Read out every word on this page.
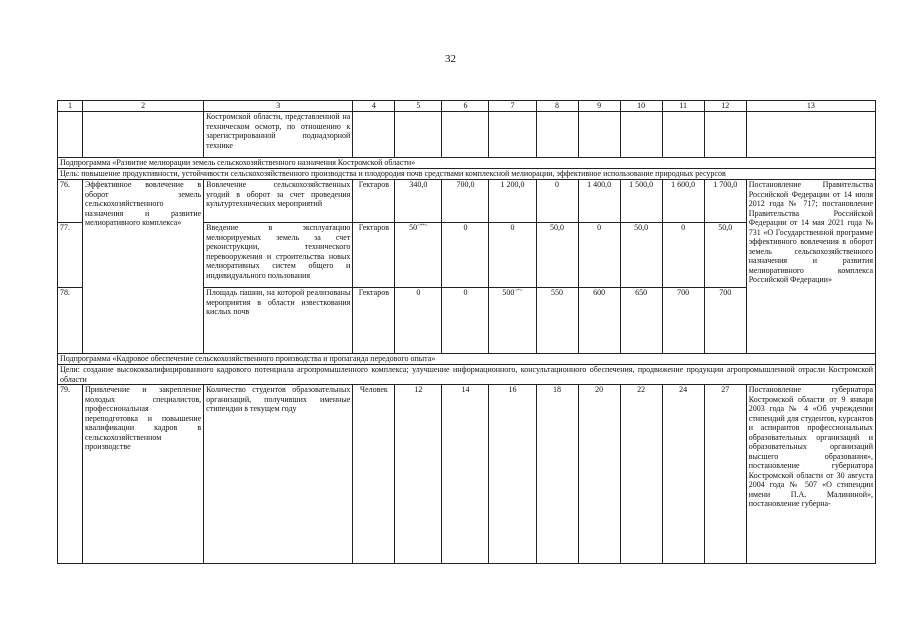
32
1	2	3	4	5	6	7	8	9	10	11	12	13
		Костромской области, представленной на техническом осмотр, по отношению к зарегистрированной поднадзорной технике										
Подпрограмма «Развитие мелиорации земель сельскохозяйственного назначения Костромской области»												
Цель: повышение продуктивности, устойчивости сельскохозяйственного производства и плодородия почв средствами комплексной мелиорации, эффективное использование природных ресурсов												
76.	Эффективное вовлечение в оборот земель сельскохозяйственного назначения и развитие мелиоративного комплекса»	Вовлечение сельскохозяйственных угодий в оборот за счет проведения культуртехнических мероприятий	Гектаров	340,0	700,0	1 200,0	0	1 400,0	1 500,0	1 600,0	1 700,0	Постановление Правительства Российской Федерации от 14 июля 2012 года № 717; постановление Правительства Российской Федерации от 14 мая 2021 года № 731 «О Государственной программе эффективного вовлечения в оборот земель сельскохозяйственного назначения и развития мелиоративного комплекса Российской Федерации»
77.		Введение в эксплуатацию мелиорируемых земель за счет реконструкции, технического перевооружения и строительства новых мелиоративных систем общего и индивидуального пользования	Гектаров	50<**>	0	0	50,0	0	50,0	0	50,0	
78.		Площадь пашни, на которой реализованы мероприятия в области известкования кислых почв	Гектаров	0	0	500<*>	550	600	650	700	700	
Подпрограмма «Кадровое обеспечение сельскохозяйственного производства и пропаганда передового опыта»												
Цели: создание высококвалифицированного кадрового потенциала агропромышленного комплекса; улучшение информационного, консультационного обеспечения, продвижение продукции агропромышленной отрасли Костромской области												
79.	Привлечение и закрепление молодых специалистов, профессиональная переподготовка и повышение квалификации кадров в сельскохозяйственном производстве	Количество студентов образовательных организаций, получивших именные стипендии в текущем году	Человек	12	14	16	18	20	22	24	27	Постановление губернатора Костромской области от 9 января 2003 года № 4 «Об учреждении стипендий для студентов, курсантов и аспирантов профессиональных образовательных организаций и образовательных организаций высшего образования», постановление губернатора Костромской области от 30 августа 2004 года № 507 «О стипендии имени П.А. Малининой», постановление губерна-
